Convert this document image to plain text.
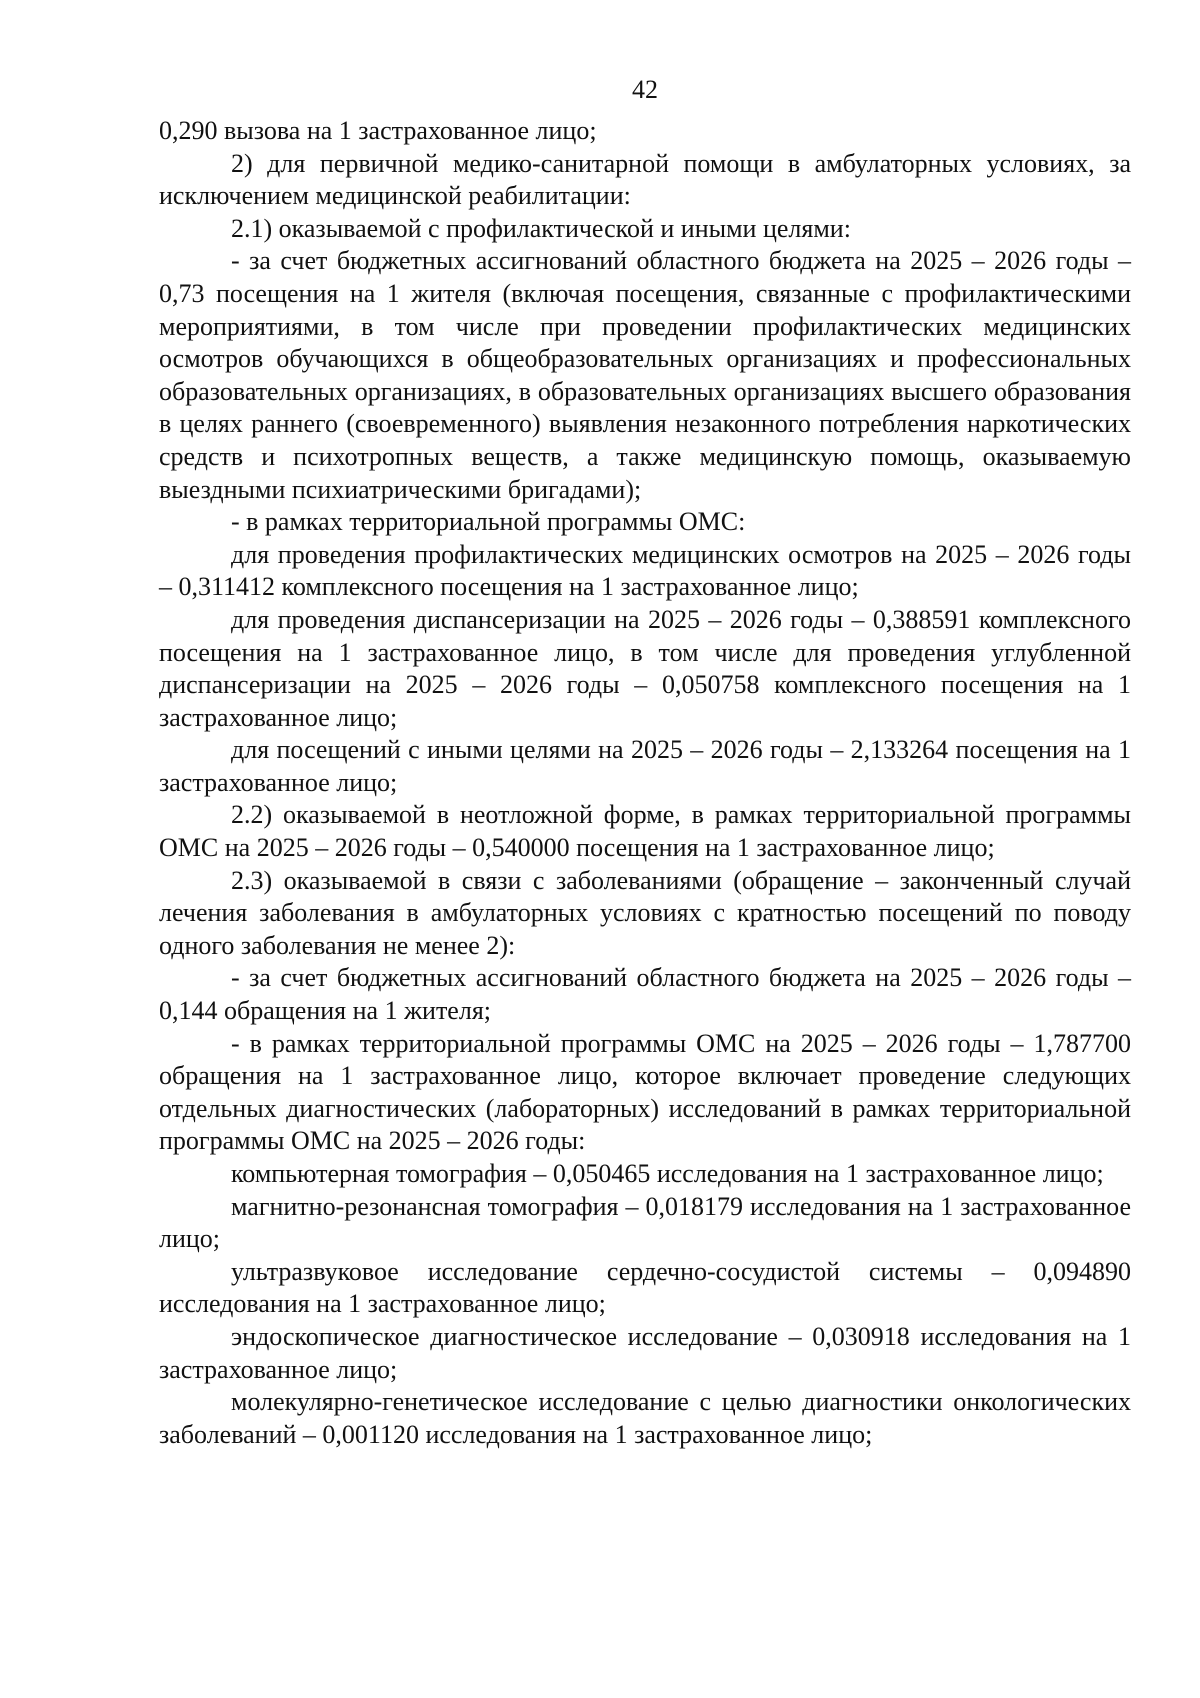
42

0,290 вызова на 1 застрахованное лицо;

2) для первичной медико-санитарной помощи в амбулаторных условиях, за исключением медицинской реабилитации:

2.1) оказываемой с профилактической и иными целями:

- за счет бюджетных ассигнований областного бюджета на 2025 – 2026 годы – 0,73 посещения на 1 жителя (включая посещения, связанные с профилактическими мероприятиями, в том числе при проведении профилактических медицинских осмотров обучающихся в общеобразовательных организациях и профессиональных образовательных организациях, в образовательных организациях высшего образования в целях раннего (своевременного) выявления незаконного потребления наркотических средств и психотропных веществ, а также медицинскую помощь, оказываемую выездными психиатрическими бригадами);

- в рамках территориальной программы ОМС:

для проведения профилактических медицинских осмотров на 2025 – 2026 годы – 0,311412 комплексного посещения на 1 застрахованное лицо;

для проведения диспансеризации на 2025 – 2026 годы – 0,388591 комплексного посещения на 1 застрахованное лицо, в том числе для проведения углубленной диспансеризации на 2025 – 2026 годы – 0,050758 комплексного посещения на 1 застрахованное лицо;

для посещений с иными целями на 2025 – 2026 годы – 2,133264 посещения на 1 застрахованное лицо;

2.2) оказываемой в неотложной форме, в рамках территориальной программы ОМС на 2025 – 2026 годы – 0,540000 посещения на 1 застрахованное лицо;

2.3) оказываемой в связи с заболеваниями (обращение – законченный случай лечения заболевания в амбулаторных условиях с кратностью посещений по поводу одного заболевания не менее 2):

- за счет бюджетных ассигнований областного бюджета на 2025 – 2026 годы – 0,144 обращения на 1 жителя;

- в рамках территориальной программы ОМС на 2025 – 2026 годы – 1,787700 обращения на 1 застрахованное лицо, которое включает проведение следующих отдельных диагностических (лабораторных) исследований в рамках территориальной программы ОМС на 2025 – 2026 годы:

компьютерная томография – 0,050465 исследования на 1 застрахованное лицо;

магнитно-резонансная томография – 0,018179 исследования на 1 застрахованное лицо;

ультразвуковое исследование сердечно-сосудистой системы – 0,094890 исследования на 1 застрахованное лицо;

эндоскопическое диагностическое исследование – 0,030918 исследования на 1 застрахованное лицо;

молекулярно-генетическое исследование с целью диагностики онкологических заболеваний – 0,001120 исследования на 1 застрахованное лицо;
